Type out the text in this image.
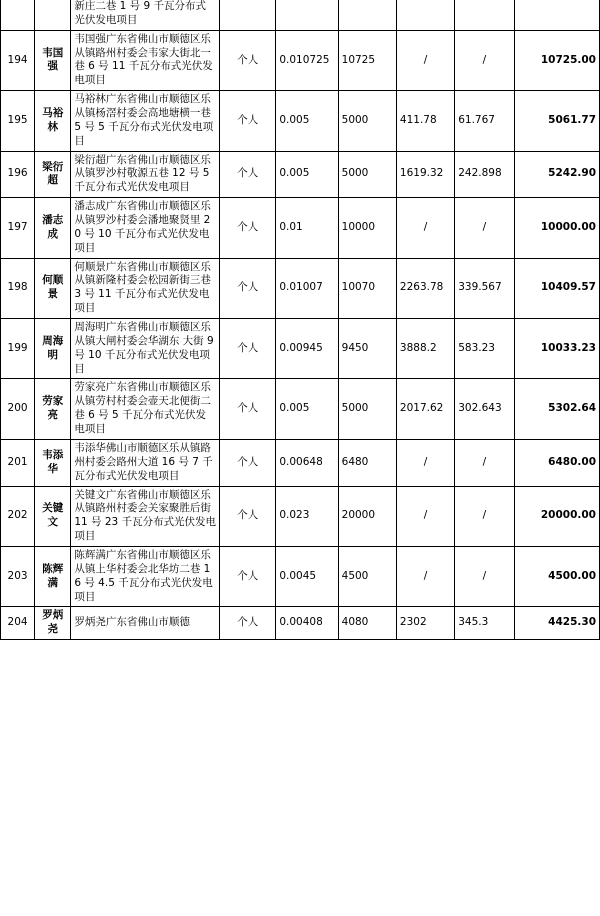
		新庄二巷 1 号 9 千瓦分布式光伏发电项目						
194	韦国强	韦国强广东省佛山市顺德区乐从镇路州村委会韦家大街北一巷 6 号 11 千瓦分布式光伏发电项目	个人	0.010725	10725	/	/	10725.00
195	马裕林	马裕林广东省佛山市顺德区乐从镇杨滘村委会高地塘横一巷 5 号 5 千瓦分布式光伏发电项目	个人	0.005	5000	411.78	61.767	5061.77
196	梁衍超	梁衍超广东省佛山市顺德区乐从镇罗沙村敬源五巷 12 号 5 千瓦分布式光伏发电项目	个人	0.005	5000	1619.32	242.898	5242.90
197	潘志成	潘志成广东省佛山市顺德区乐从镇罗沙村委会潘地聚贤里 20 号 10 千瓦分布式光伏发电项目	个人	0.01	10000	/	/	10000.00
198	何顺景	何顺景广东省佛山市顺德区乐从镇新隆村委会松园新街三巷 3 号 11 千瓦分布式光伏发电项目	个人	0.01007	10070	2263.78	339.567	10409.57
199	周海明	周海明广东省佛山市顺德区乐从镇大闸村委会华湖东 大街 9 号 10 千瓦分布式光伏发电项目	个人	0.00945	9450	3888.2	583.23	10033.23
200	劳家亮	劳家亮广东省佛山市顺德区乐从镇劳村村委会壶天北便街二巷 6 号 5 千瓦分布式光伏发电项目	个人	0.005	5000	2017.62	302.643	5302.64
201	韦添华	韦添华佛山市顺德区乐从镇路州村委会路州大道 16 号 7 千瓦分布式光伏发电项目	个人	0.00648	6480	/	/	6480.00
202	关键文	关键文广东省佛山市顺德区乐从镇路州村委会关家聚胜后街 11 号 23 千瓦分布式光伏发电项目	个人	0.023	20000	/	/	20000.00
203	陈辉满	陈辉满广东省佛山市顺德区乐从镇上华村委会北华坊二巷 16 号 4.5 千瓦分布式光伏发电项目	个人	0.0045	4500	/	/	4500.00
204	罗炳尧	罗炳尧广东省佛山市顺德	个人	0.00408	4080	2302	345.3	4425.30
